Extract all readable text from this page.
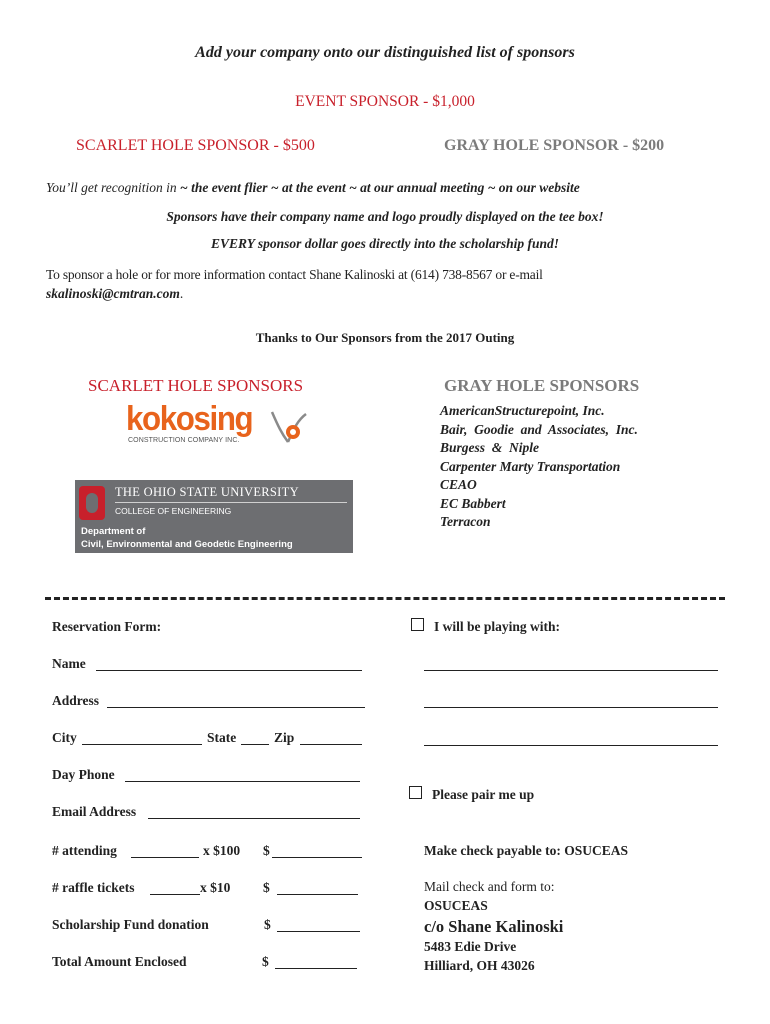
Add your company onto our distinguished list of sponsors
EVENT SPONSOR - $1,000
SCARLET HOLE SPONSOR - $500	GRAY HOLE SPONSOR - $200
You’ll get recognition in ~ the event flier ~ at the event ~ at our annual meeting ~ on our website
Sponsors have their company name and logo proudly displayed on the tee box!
EVERY sponsor dollar goes directly into the scholarship fund!
To sponsor a hole or for more information contact Shane Kalinoski at (614) 738-8567 or e-mail
skalinoski@cmtran.com.
Thanks to Our Sponsors from the 2017 Outing
SCARLET HOLE SPONSORS
kokosing
CONSTRUCTION COMPANY INC.
THE OHIO STATE UNIVERSITY
COLLEGE OF ENGINEERING
Department of
Civil, Environmental and Geodetic Engineering
GRAY HOLE SPONSORS
AmericanStructurepoint, Inc.
Bair,  Goodie  and  Associates,  Inc.
Burgess  &  Niple
Carpenter Marty Transportation
CEAO
EC Babbert
Terracon
Reservation Form:	I will be playing with:
Name
Address
City	State	Zip
Day Phone
Email Address
Please pair me up
# attending	x $100 $
# raffle tickets	x $10 $
Scholarship Fund donation	$
Total Amount Enclosed	$
Make check payable to: OSUCEAS
Mail check and form to:
OSUCEAS
c/o Shane Kalinoski
5483 Edie Drive
Hilliard, OH 43026
